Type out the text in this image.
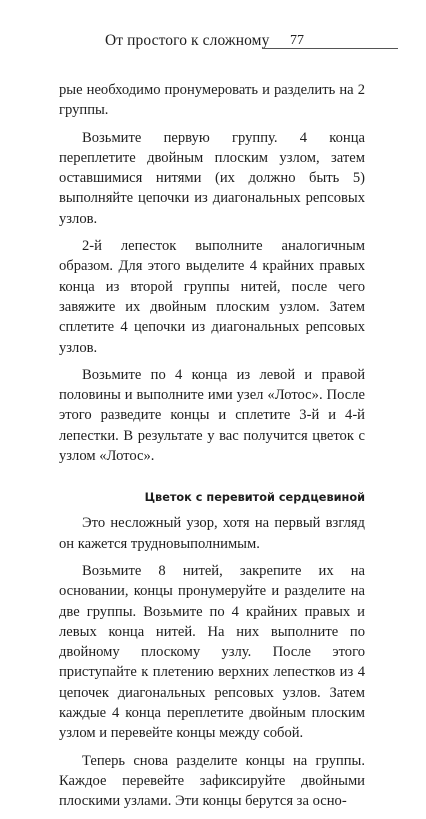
От простого к сложному 77

рые необходимо пронумеровать и разделить на 2 группы.

Возьмите первую группу. 4 конца переплетите двойным плоским узлом, затем оставшимися нитями (их должно быть 5) выполняйте цепочки из диагональных репсовых узлов.

2-й лепесток выполните аналогичным образом. Для этого выделите 4 крайних правых конца из второй группы нитей, после чего завяжите их двойным плоским узлом. Затем сплетите 4 цепочки из диагональных репсовых узлов.

Возьмите по 4 конца из левой и правой половины и выполните ими узел «Лотос». После этого разведите концы и сплетите 3-й и 4-й лепестки. В результате у вас получится цветок с узлом «Лотос».

Цветок с перевитой сердцевиной

Это несложный узор, хотя на первый взгляд он кажется трудновыполнимым.

Возьмите 8 нитей, закрепите их на основании, концы пронумеруйте и разделите на две группы. Возьмите по 4 крайних правых и левых конца нитей. На них выполните по двойному плоскому узлу. После этого приступайте к плетению верхних лепестков из 4 цепочек диагональных репсовых узлов. Затем каждые 4 конца переплетите двойным плоским узлом и перевейте концы между собой.

Теперь снова разделите концы на группы. Каждое перевейте зафиксируйте двойными плоскими узлами. Эти концы берутся за осно-
